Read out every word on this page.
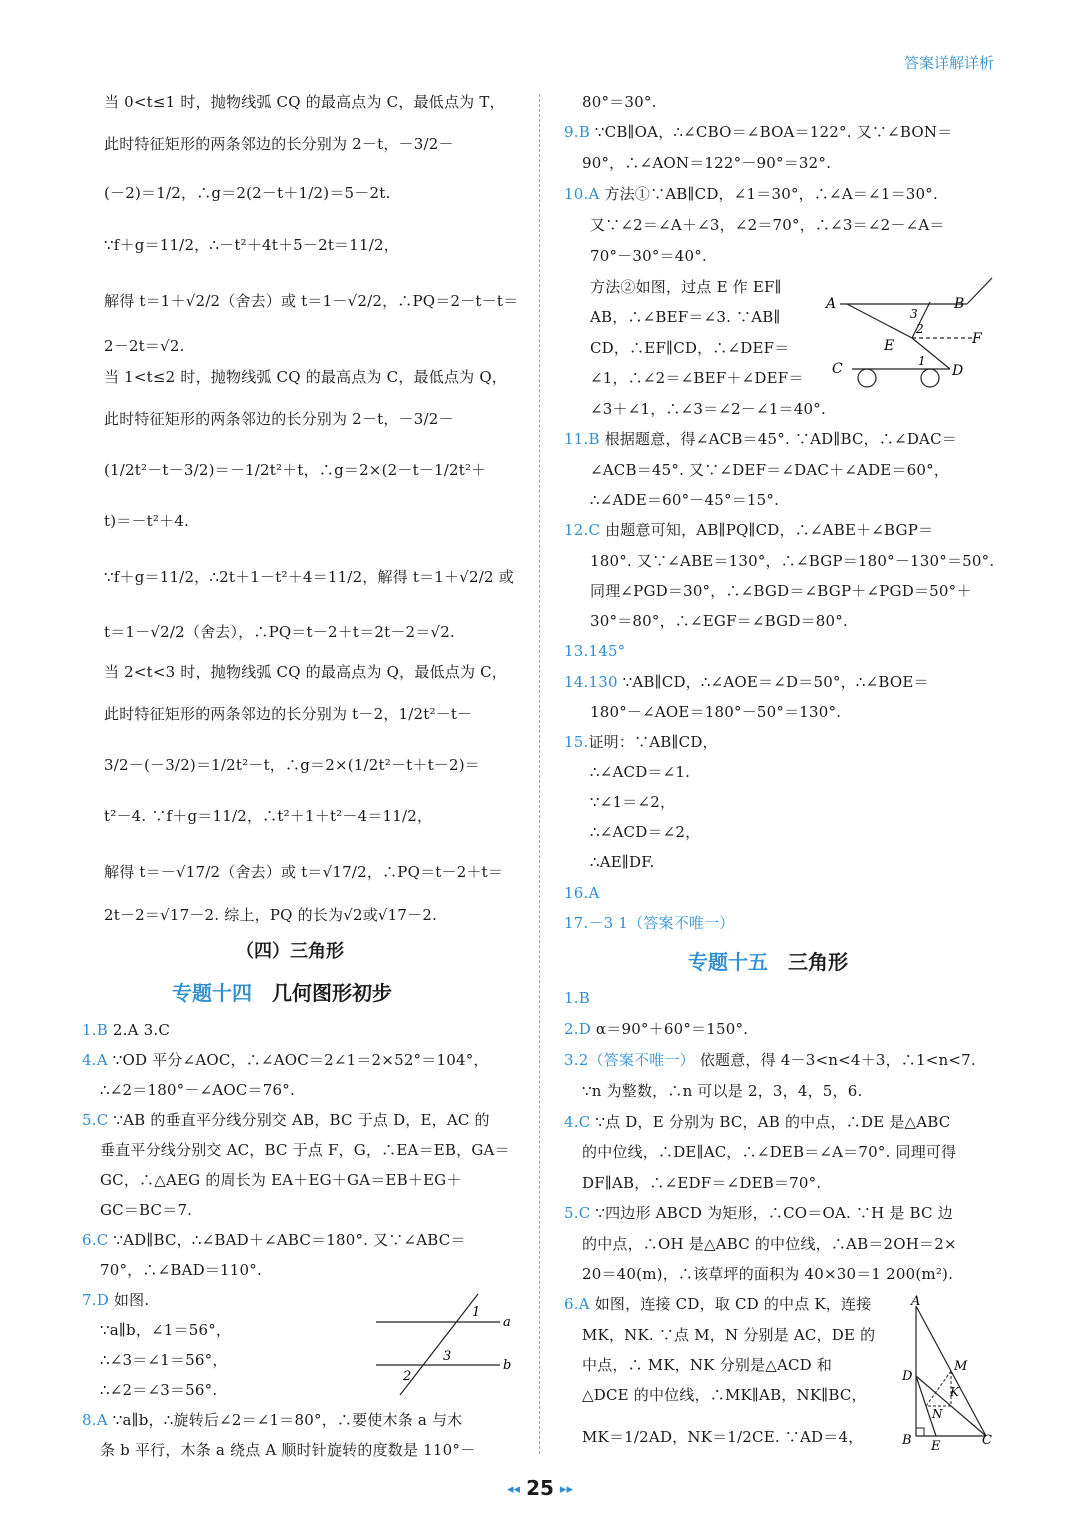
答案详解详析
当 0<t≤1 时，抛物线弧 CQ 的最高点为 C，最低点为 T，
此时特征矩形的两条邻边的长分别为 2－t，－3/2－
(－2)＝1/2，∴g＝2(2－t＋1/2)＝5－2t.
∵f＋g＝11/2，∴－t²＋4t＋5－2t＝11/2，
解得 t＝1＋√2/2（舍去）或 t＝1－√2/2，∴PQ＝2－t－t＝
2－2t＝√2.
当 1<t≤2 时，抛物线弧 CQ 的最高点为 C，最低点为 Q，
此时特征矩形的两条邻边的长分别为 2－t，－3/2－
(1/2t²－t－3/2)＝－1/2t²＋t，∴g＝2×(2－t－1/2t²＋
t)＝－t²＋4.
∵f＋g＝11/2，∴2t＋1－t²＋4＝11/2，解得 t＝1＋√2/2 或
t＝1－√2/2（舍去），∴PQ＝t－2＋t＝2t－2＝√2.
当 2<t<3 时，抛物线弧 CQ 的最高点为 Q，最低点为 C，
此时特征矩形的两条邻边的长分别为 t－2，1/2t²－t－
3/2－(－3/2)＝1/2t²－t，∴g＝2×(1/2t²－t＋t－2)＝
t²－4. ∵f＋g＝11/2，∴t²＋1＋t²－4＝11/2，
解得 t＝－√17/2（舍去）或 t＝√17/2，∴PQ＝t－2＋t＝
2t－2＝√17－2. 综上，PQ 的长为√2或√17－2.
1.B 2.A 3.C
4.A ∵OD 平分∠AOC，∴∠AOC＝2∠1＝2×52°＝104°，
∴∠2＝180°－∠AOC＝76°.
5.C ∵AB 的垂直平分线分别交 AB，BC 于点 D，E，AC 的
垂直平分线分别交 AC，BC 于点 F，G，∴EA＝EB，GA＝
GC，∴△AEG 的周长为 EA＋EG＋GA＝EB＋EG＋
GC＝BC＝7.
6.C ∵AD∥BC，∴∠BAD＋∠ABC＝180°. 又∵∠ABC＝
70°，∴∠BAD＝110°.
7.D 如图.
∵a∥b，∠1＝56°，
∴∠3＝∠1＝56°，
∴∠2＝∠3＝56°.
8.A ∵a∥b，∴旋转后∠2＝∠1＝80°，∴要使木条 a 与木
条 b 平行，木条 a 绕点 A 顺时针旋转的度数是 110°－
（四）三角形
专题十四 几何图形初步
80°＝30°.
9.B ∵CB∥OA，∴∠CBO＝∠BOA＝122°. 又∵∠BON＝
90°，∴∠AON＝122°－90°＝32°.
10.A 方法①∵AB∥CD，∠1＝30°，∴∠A＝∠1＝30°.
又∵∠2＝∠A＋∠3，∠2＝70°，∴∠3＝∠2－∠A＝
70°－30°＝40°.
方法②如图，过点 E 作 EF∥
AB，∴∠BEF＝∠3. ∵AB∥
CD，∴EF∥CD，∴∠DEF＝
∠1，∴∠2＝∠BEF＋∠DEF＝
∠3＋∠1，∴∠3＝∠2－∠1＝40°.
11.B 根据题意，得∠ACB＝45°. ∵AD∥BC，∴∠DAC＝
∠ACB＝45°. 又∵∠DEF＝∠DAC＋∠ADE＝60°，
∴∠ADE＝60°－45°＝15°.
12.C 由题意可知，AB∥PQ∥CD，∴∠ABE＋∠BGP＝
180°. 又∵∠ABE＝130°，∴∠BGP＝180°－130°＝50°.
同理∠PGD＝30°，∴∠BGD＝∠BGP＋∠PGD＝50°＋
30°＝80°，∴∠EGF＝∠BGD＝80°.
13.145°
14.130 ∵AB∥CD，∴∠AOE＝∠D＝50°，∴∠BOE＝
180°－∠AOE＝180°－50°＝130°.
15.证明：∵AB∥CD，
∴∠ACD＝∠1.
∵∠1＝∠2，
∴∠ACD＝∠2，
∴AE∥DF.
16.A
17.－3 1（答案不唯一）
1.B
2.D α＝90°＋60°＝150°.
3.2（答案不唯一） 依题意，得 4－3<n<4＋3，∴1<n<7.
∵n 为整数，∴n 可以是 2，3，4，5，6.
4.C ∵点 D，E 分别为 BC，AB 的中点，∴DE 是△ABC
的中位线，∴DE∥AC，∴∠DEB＝∠A＝70°. 同理可得
DF∥AB，∴∠EDF＝∠DEB＝70°.
5.C ∵四边形 ABCD 为矩形，∴CO＝OA. ∵H 是 BC 边
的中点，∴OH 是△ABC 的中位线，∴AB＝2OH＝2×
20＝40(m)，∴该草坪的面积为 40×30＝1 200(m²).
6.A 如图，连接 CD，取 CD 的中点 K，连接
MK，NK. ∵点 M，N 分别是 AC，DE 的
中点，∴ MK，NK 分别是△ACD 和
△DCE 的中位线，∴MK∥AB，NK∥BC，
MK＝1/2AD，NK＝1/2CE. ∵AD＝4，
专题十五 三角形
1
a
3
2
b
A	B
3
2
F
E
C	1
D
A
D
M
K
N
B E	C
◂◂ 25 ▸▸
